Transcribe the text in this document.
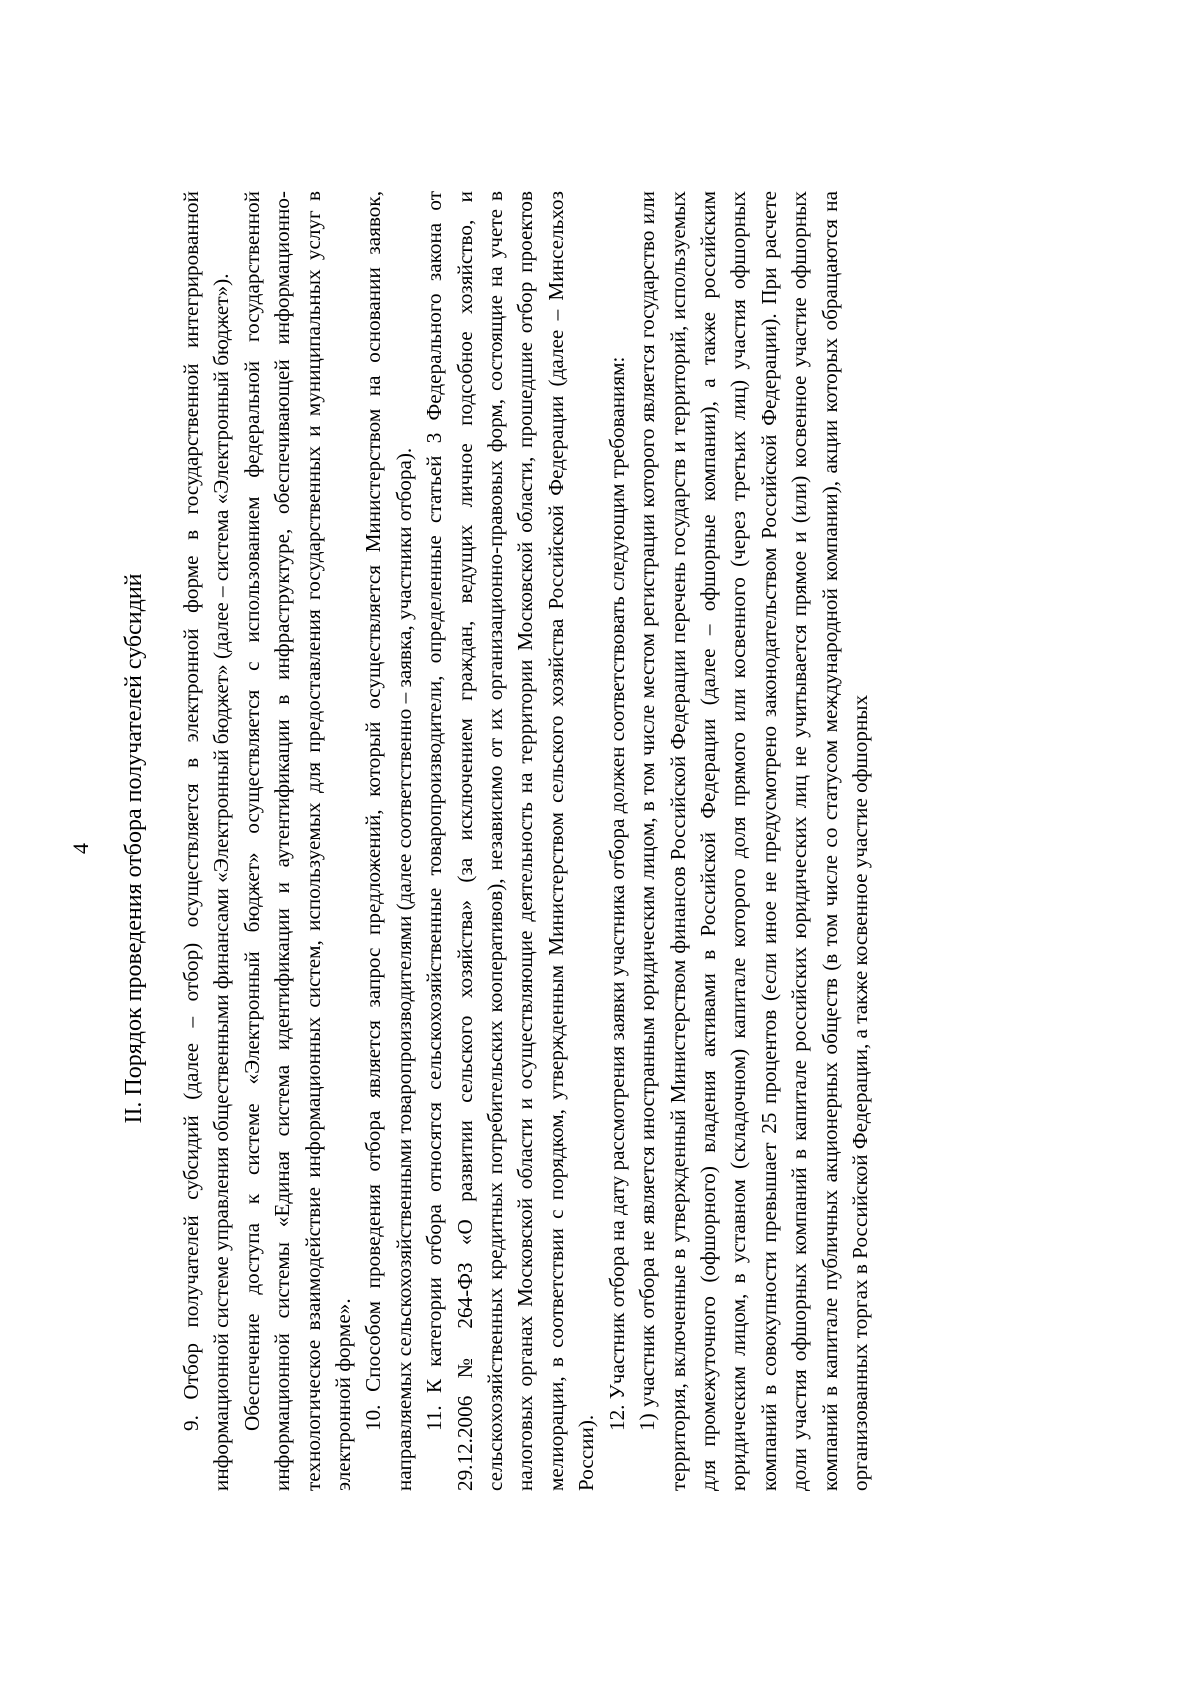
4 II. Порядок проведения отбора получателей субсидий 9. Отбор получателей субсидий (далее – отбор) осуществляется в электронной форме в государственной интегрированной информационной системе управления общественными финансами «Электронный бюджет» (далее – система «Электронный бюджет»). Обеспечение доступа к системе «Электронный бюджет» осуществляется с использованием федеральной государственной информационной системы «Единая система идентификации и аутентификации в инфраструктуре, обеспечивающей информационно-технологическое взаимодействие информационных систем, используемых для предоставления государственных и муниципальных услуг в электронной форме». 10. Способом проведения отбора является запрос предложений, который осуществляется Министерством на основании заявок, направляемых сельскохозяйственными товаропроизводителями (далее соответственно – заявка, участники отбора). 11. К категории отбора относятся сельскохозяйственные товаропроизводители, определенные статьей 3 Федерального закона от 29.12.2006 № 264-ФЗ «О развитии сельского хозяйства» (за исключением граждан, ведущих личное подсобное хозяйство, и сельскохозяйственных кредитных потребительских кооперативов), независимо от их организационно-правовых форм, состоящие на учете в налоговых органах Московской области и осуществляющие деятельность на территории Московской области, прошедшие отбор проектов мелиорации, в соответствии с порядком, утвержденным Министерством сельского хозяйства Российской Федерации (далее – Минсельхоз России).

12. Участник отбора на дату рассмотрения заявки участника отбора должен соответствовать следующим требованиям: 1) участник отбора не является иностранным юридическим лицом, в том числе местом регистрации которого является государство или территория, включенные в утвержденный Министерством финансов Российской Федерации перечень государств и территорий, используемых для промежуточного (офшорного) владения активами в Российской Федерации (далее – офшорные компании), а также российским юридическим лицом, в уставном (складочном) капитале которого доля прямого или косвенного (через третьих лиц) участия офшорных компаний в совокупности превышает 25 процентов (если иное не предусмотрено законодательством Российской Федерации). При расчете доли участия офшорных компаний в капитале российских юридических лиц не учитывается прямое и (или) косвенное участие офшорных компаний в капитале публичных акционерных обществ (в том числе со статусом международной компании), акции которых обращаются на организованных торгах в Российской Федерации, а также косвенное участие офшорных
